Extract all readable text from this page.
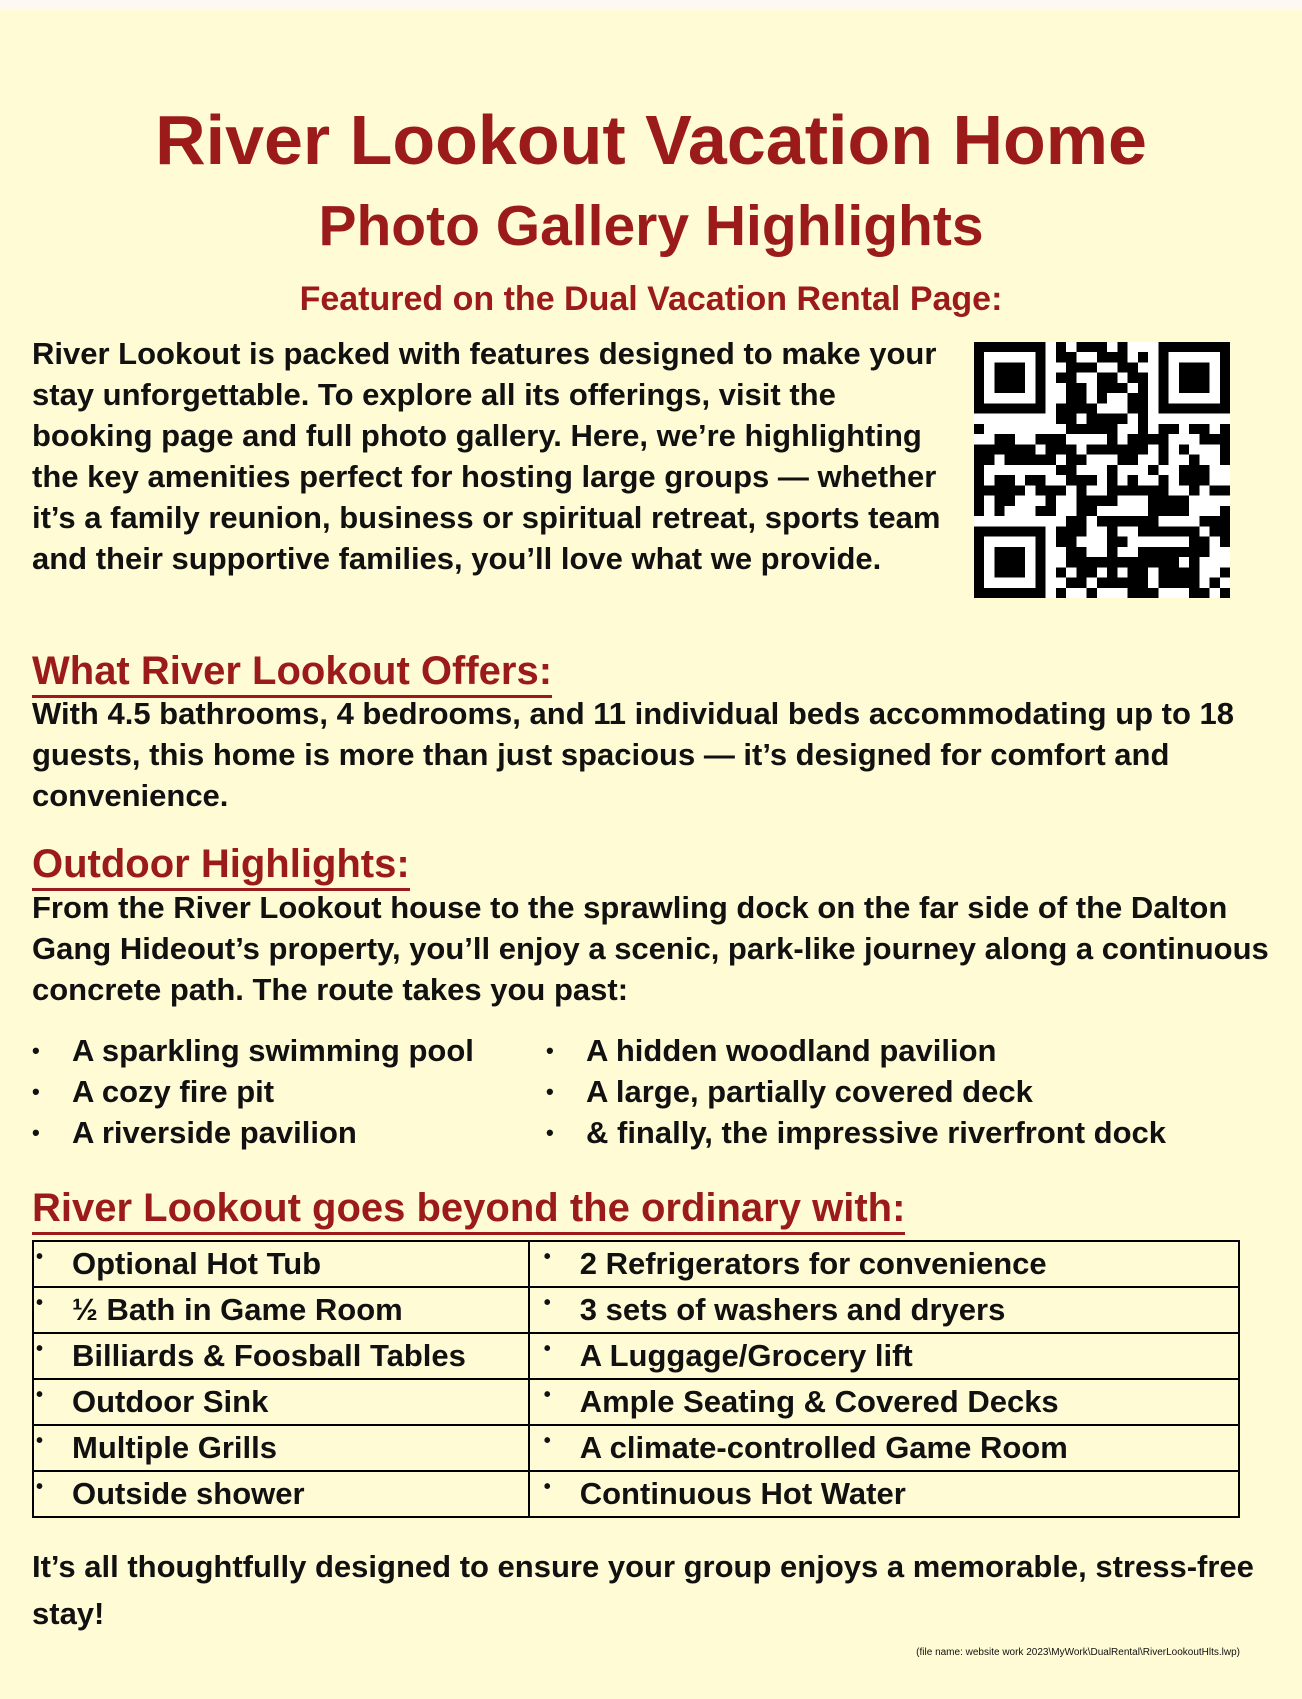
River Lookout Vacation Home
Photo Gallery Highlights

Featured on the Dual Vacation Rental Page:

River Lookout is packed with features designed to make your stay unforgettable. To explore all its offerings, visit the booking page and full photo gallery. Here, we’re highlighting the key amenities perfect for hosting large groups — whether it’s a family reunion, business or spiritual retreat, sports team and their supportive families, you’ll love what we provide.

What River Lookout Offers:

With 4.5 bathrooms, 4 bedrooms, and 11 individual beds accommodating up to 18 guests, this home is more than just spacious — it’s designed for comfort and convenience.

Outdoor Highlights:

From the River Lookout house to the sprawling dock on the far side of the Dalton Gang Hideout’s property, you’ll enjoy a scenic, park-like journey along a continuous concrete path. The route takes you past:

• A sparkling swimming pool
• A cozy fire pit
• A riverside pavilion
• A hidden woodland pavilion
• A large, partially covered deck
• & finally, the impressive riverfront dock
River Lookout goes beyond the ordinary with:
• Optional Hot Tub	• 2 Refrigerators for convenience
• ½ Bath in Game Room	• 3 sets of washers and dryers
• Billiards & Foosball Tables	• A Luggage/Grocery lift
• Outdoor Sink	• Ample Seating & Covered Decks
• Multiple Grills	• A climate-controlled Game Room
• Outside shower	• Continuous Hot Water

It’s all thoughtfully designed to ensure your group enjoys a memorable, stress-free stay!

(file name: website work 2023\MyWork\DualRental\RiverLookoutHlts.lwp)
